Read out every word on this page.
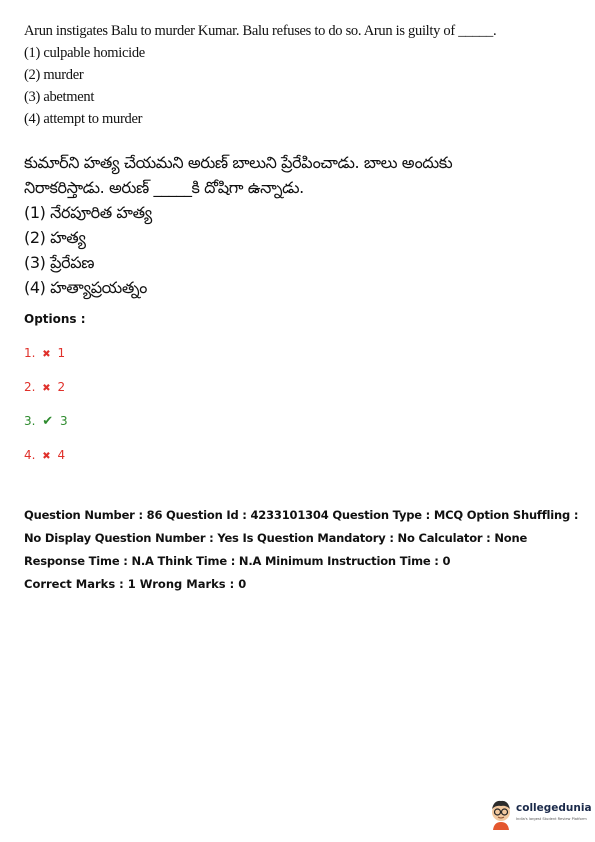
Arun instigates Balu to murder Kumar. Balu refuses to do so. Arun is guilty of _____.
(1) culpable homicide
(2) murder
(3) abetment
(4) attempt to murder
కుమార్‌ని హత్య చేయమని అరుణ్ బాలుని ప్రేరేపించాడు. బాలు అందుకు
నిరాకరిస్తాడు. అరుణ్ _____కి దోషిగా ఉన్నాడు.
(1) నేరపూరిత హత్య
(2) హత్య
(3) ప్రేరేపణ
(4) హత్యాప్రయత్నం
Options :
1. ✖ 1
2. ✖ 2
3. ✔ 3
4. ✖ 4
Question Number : 86 Question Id : 4233101304 Question Type : MCQ Option Shuffling : No Display Question Number : Yes Is Question Mandatory : No Calculator : None Response Time : N.A Think Time : N.A Minimum Instruction Time : 0
Correct Marks : 1 Wrong Marks : 0
collegedunia
India's largest Student Review Platform
